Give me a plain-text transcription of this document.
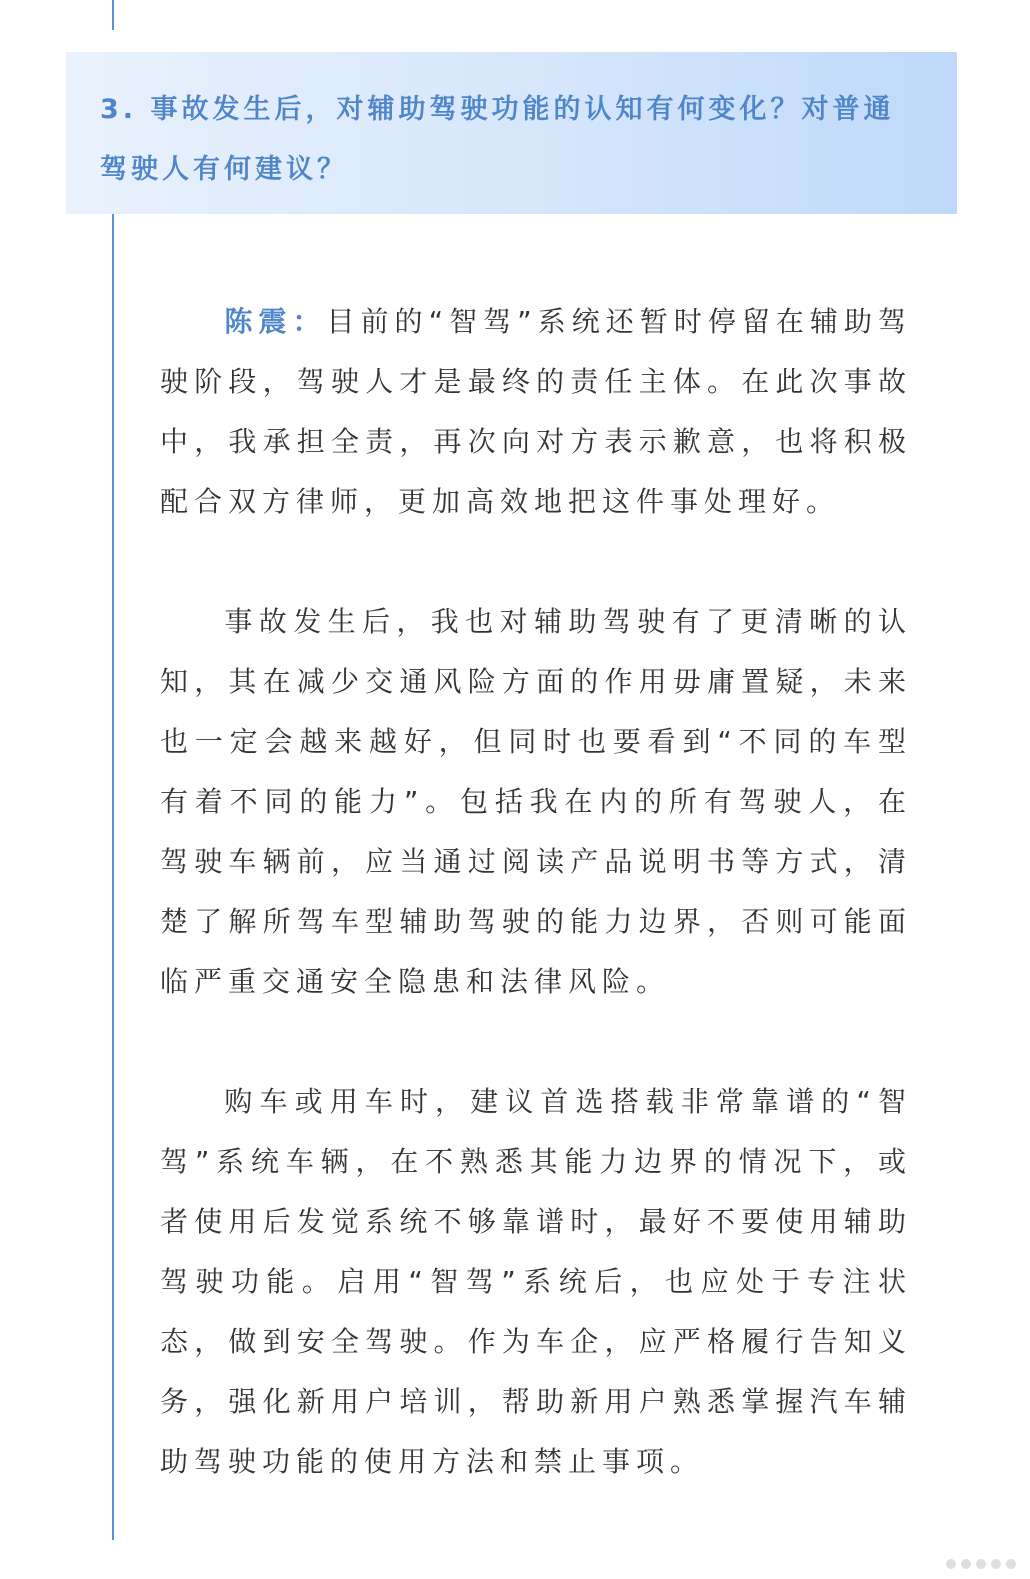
3. 事故发生后，对辅助驾驶功能的认知有何变化？对普通驾驶人有何建议？

陈震：目前的“智驾”系统还暂时停留在辅助驾驶阶段，驾驶人才是最终的责任主体。在此次事故中，我承担全责，再次向对方表示歉意，也将积极配合双方律师，更加高效地把这件事处理好。

事故发生后，我也对辅助驾驶有了更清晰的认知，其在减少交通风险方面的作用毋庸置疑，未来也一定会越来越好，但同时也要看到“不同的车型有着不同的能力”。包括我在内的所有驾驶人，在驾驶车辆前，应当通过阅读产品说明书等方式，清楚了解所驾车型辅助驾驶的能力边界，否则可能面临严重交通安全隐患和法律风险。

购车或用车时，建议首选搭载非常靠谱的“智驾”系统车辆，在不熟悉其能力边界的情况下，或者使用后发觉系统不够靠谱时，最好不要使用辅助驾驶功能。启用“智驾”系统后，也应处于专注状态，做到安全驾驶。作为车企，应严格履行告知义务，强化新用户培训，帮助新用户熟悉掌握汽车辅助驾驶功能的使用方法和禁止事项。
